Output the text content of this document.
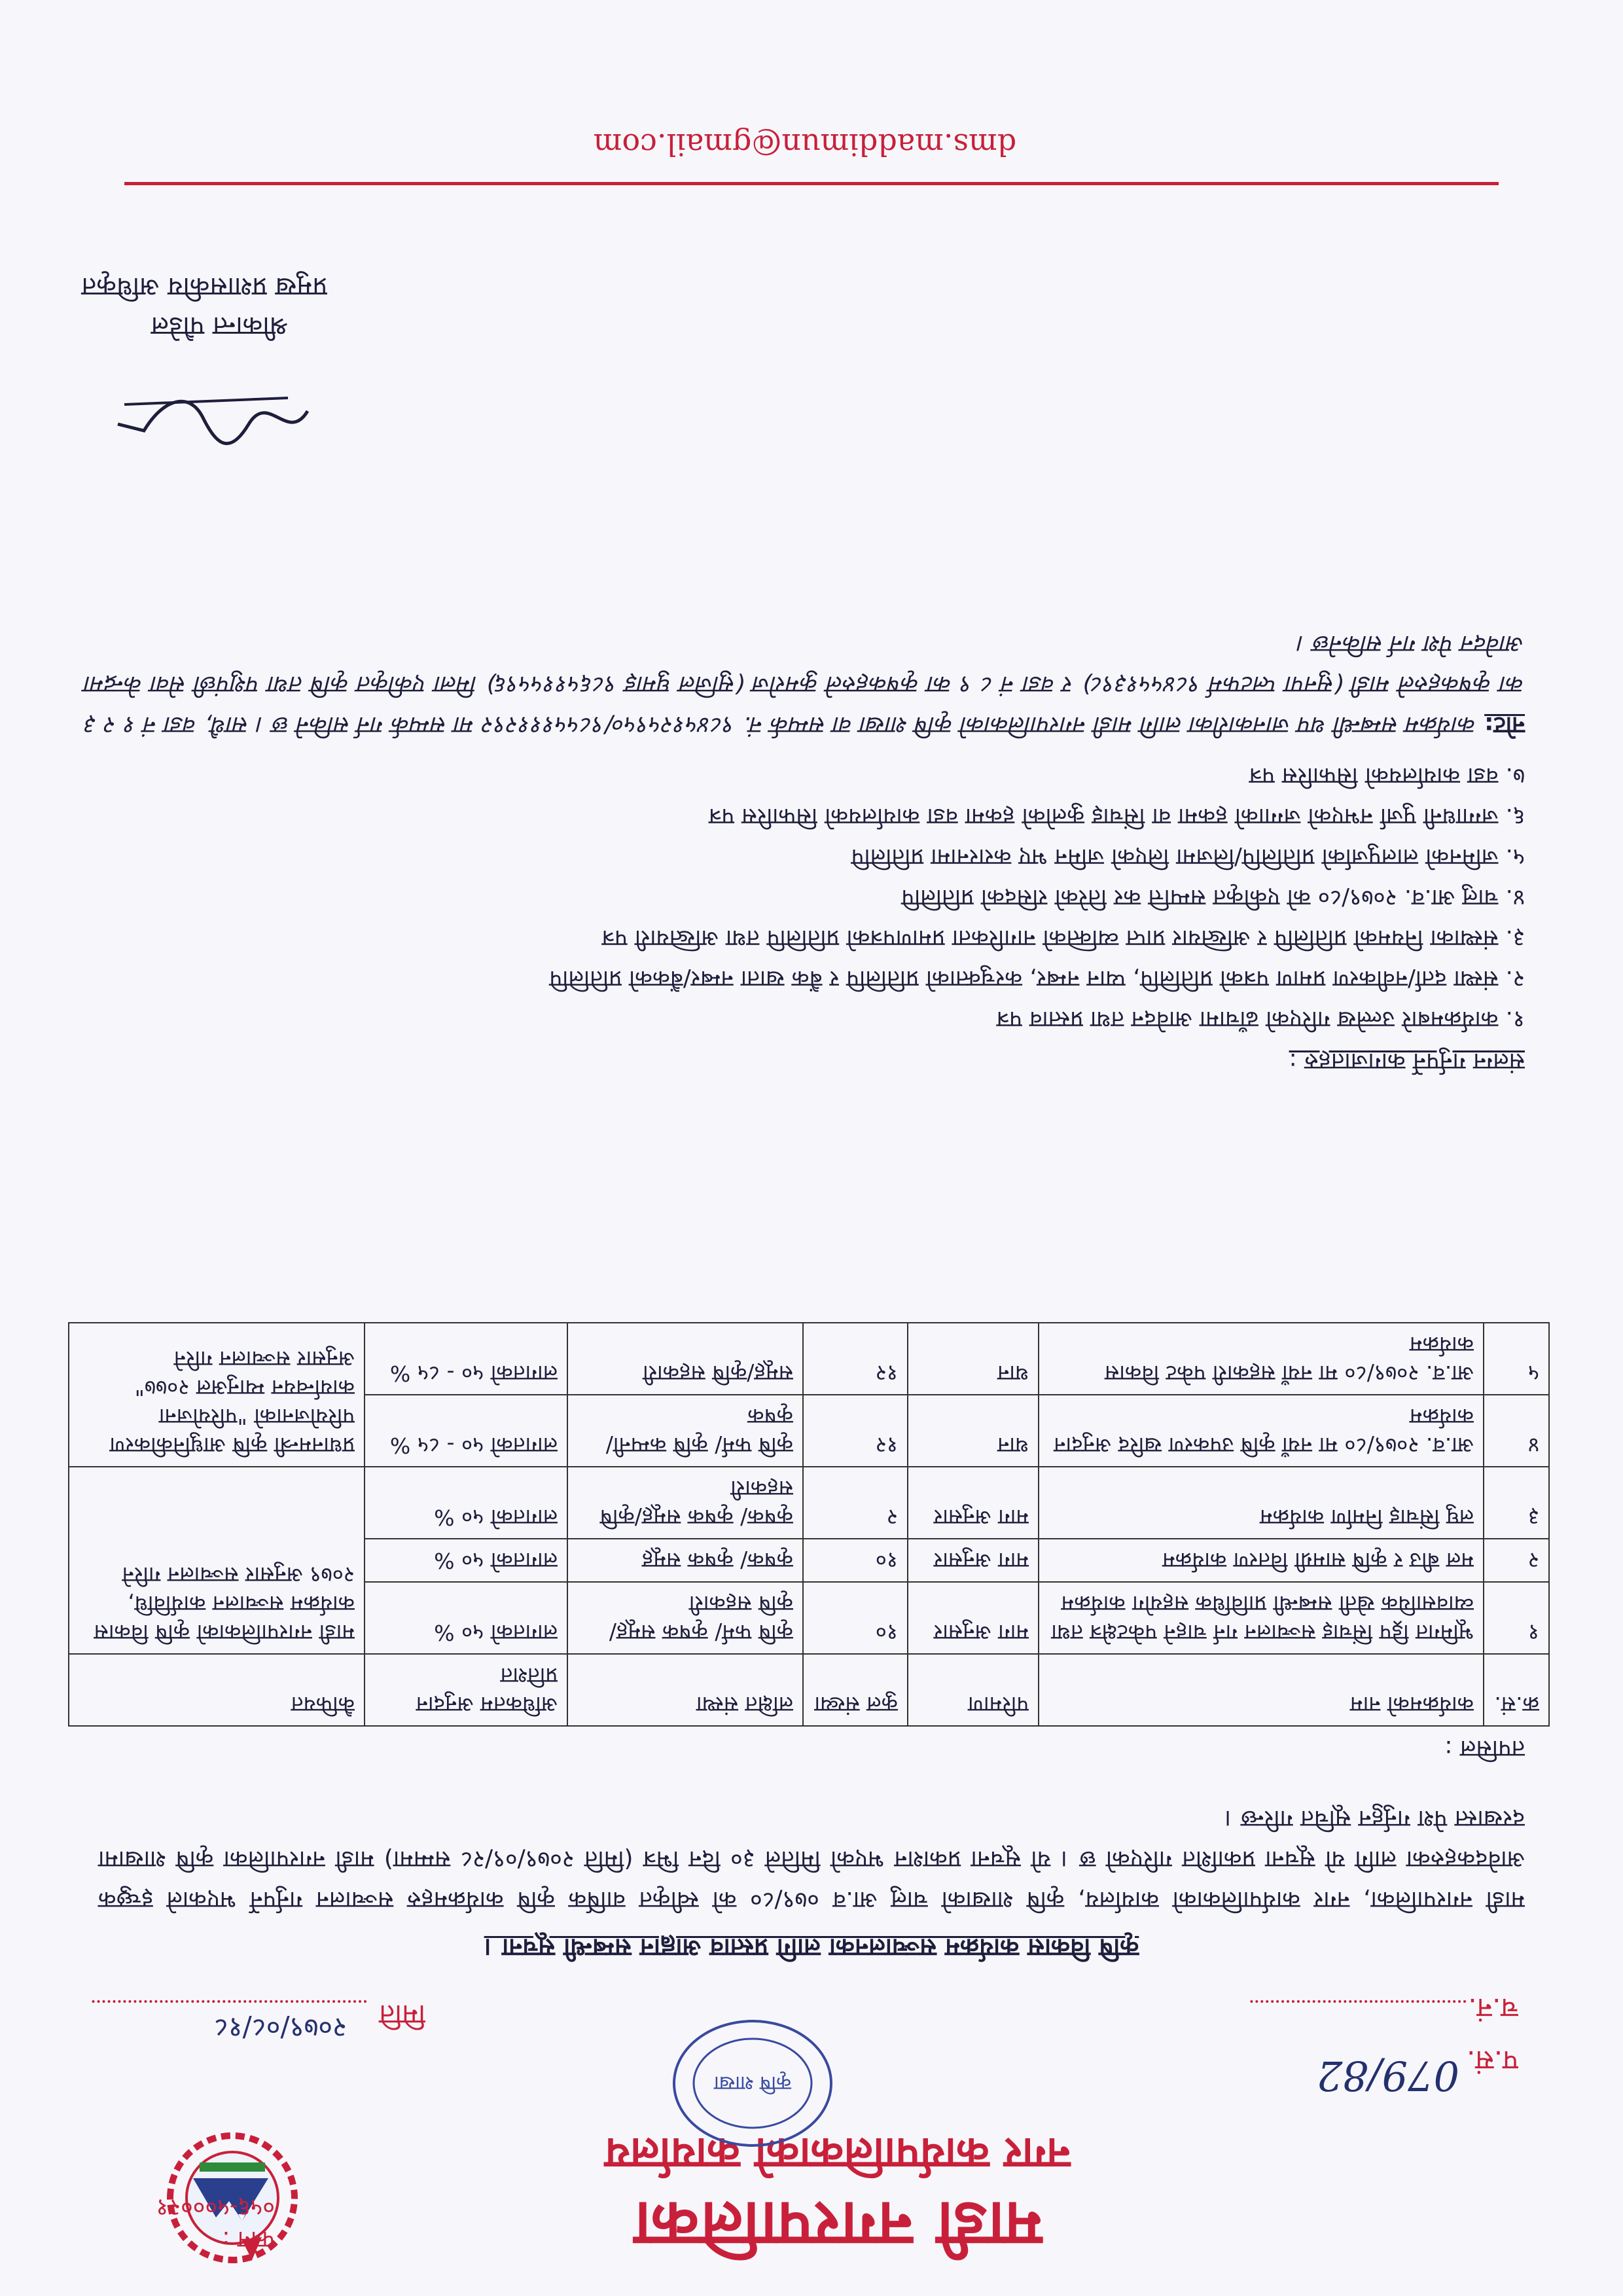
माडी नगरपालिका
नगर कार्यपालिकाको कार्यालय
फोन : ०५६-५०००२१
कृषि शाखा
प.सं.
079/82
च.नं.
मिति
२०७९/०८/१८
कृषि विकास कार्यक्रम सञ्चालनका लागि प्रस्ताव आह्वान सम्बन्धी सूचना ।
माडी नगरपालिका, नगर कार्यपालिकाको कार्यालय, कृषि शाखाको चालु आ.व ०७९/८० को स्वीकृत वार्षिक कृषि कार्यक्रमहरु सञ्चालन गर्नुपर्ने भएकाले इच्छुक आवेदकहरुका लागि यो सूचना प्रकाशित गरिएको छ । यो सूचना प्रकाशन भएको मितिले ३० दिन भित्र (मिति २०७९/०९/२८ सम्ममा) माडी नगरपालिका कृषि शाखामा दरखास्त पेश गर्नुहुन सूचित गरिन्छ ।
तपसिल :
क्र.सं.	कार्यक्रमको नाम	परिमाण	कुल संख्या	लक्षित संस्था	अधिकतम अनुदान प्रतिशत	कैफियत
१	भूमिगत ड्रिप सिंचाइ सञ्चालन गर्न चाहने पकेटक्षेत्र तथा व्यावसायिक खेती सम्बन्धी प्राविधिक सहयोग कार्यक्रम	माग अनुसार	१०	कृषि फर्म/ कृषक समूह/ कृषि सहकारी	लागतको ५० %	माडी नगरपालिकाको कृषि विकास कार्यक्रम सञ्चालन कार्यविधि, २०७९ अनुसार सञ्चालन गरिने
२	मल बीउ र कृषि सामग्री वितरण कार्यक्रम	माग अनुसार	१०	कृषक/ कृषक समूह	लागतको ५० %	
३	लघु सिंचाइ निर्माण कार्यक्रम	माग अनुसार	२	कृषक/ कृषक समूह/कृषि सहकारी	लागतको ५० %	
४	आ.व. २०७९/८० मा नयाँ कृषि उपकरण खरिद अनुदान कार्यक्रम	थान	१२	कृषि फर्म/ कृषि कम्पनी/ कृषक	लागतको ५० - ८५ %	प्रधानमन्त्री कृषि आधुनिकीकरण परियोजनाको "परियोजना कार्यान्वयन म्यानुअल २०७७" अनुसार सञ्चालन गरिने
५	आ.व. २०७९/८० मा नयाँ सहकारी पकेट विकास कार्यक्रम	थान	१२	समूह/कृषि सहकारी	लागतको ५० - ८५ %	
संलग्न गर्नुपर्ने कागजातहरु :
१. कार्यक्रमबारे उल्लेख गरिएको ढाँचामा आवेदन तथा प्रस्ताव पत्र
२. संस्था दर्ता/नवीकरण प्रमाण पत्रको प्रतिलिपि, प्यान नम्बर, करचुक्ताको प्रतिलिपि र बैंक खाता नम्बर/बैंकको प्रतिलिपि
३. संस्थाका नियमको प्रतिलिपि र अख्तियार प्राप्त व्यक्तिको नागरिकता प्रमाणपत्रको प्रतिलिपि तथा अख्तियारी पत्र
४. चालु आ.व. २०७९/८० को एकीकृत सम्पत्ति कर तिरेको रसिदको प्रतिलिपि
५. जमिनको लालपुर्जाको प्रतिलिपि/लिजमा लिएको जमिन भए करारनामा प्रतिलिपि
६. जग्गाधनी पुर्जा नभएको जग्गाको हकमा वा सिंचाइ कुलोको हकमा वडा कार्यालयको सिफारिस पत्र
७. वडा कार्यालयको सिफारिस पत्र
नोट: कार्यक्रम सम्बन्धी थप जानकारीका लागि माडी नगरपालिकाको कृषि शाखा वा सम्पर्क नं. ९८४५१२५९५०/९८५५१११२९२ मा सम्पर्क गर्न सकिने छ । साथै, वडा नं १ २ ३ का कृषकहरुले माडी (सुनपा प्लटफर्म ९८४५५१३९८) र वडा नं ८ ९ का कृषकहरुले कुमरोज (सुजिल घुमाइ ९८६५११५५९६) मिला एकीकृत कृषि तथा पशुपंछी सेवा केन्द्रमा आवेदन पेश गर्न सकिनेछ ।
श्रीकान्त पौडेल
प्रमुख प्रशासकीय अधिकृत
dms.maddimun@gmail.com
